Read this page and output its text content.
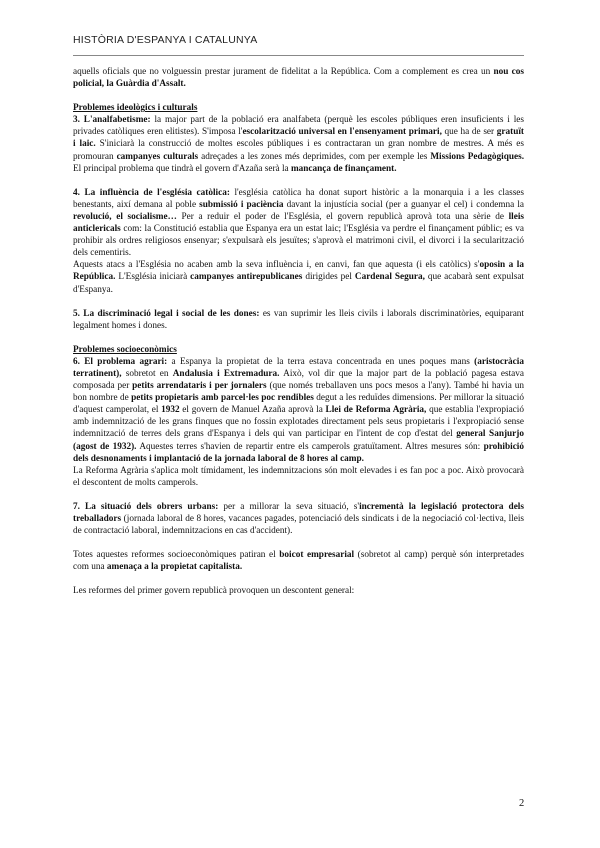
HISTÒRIA D'ESPANYA I CATALUNYA

aquells oficials que no volguessin prestar jurament de fidelitat a la República. Com a complement es crea un nou cos policial, la Guàrdia d'Assalt.

Problemes ideològics i culturals

3. L'analfabetisme: la major part de la població era analfabeta (perquè les escoles públiques eren insuficients i les privades catòliques eren elitistes). S'imposa l'escolarització universal en l'ensenyament primari, que ha de ser gratuït i laic. S'iniciarà la construcció de moltes escoles públiques i es contractaran un gran nombre de mestres. A més es promouran campanyes culturals adreçades a les zones més deprimides, com per exemple les Missions Pedagògiques. El principal problema que tindrà el govern d'Azaña serà la mancança de finançament.

4. La influència de l'església catòlica: l'església catòlica ha donat suport històric a la monarquia i a les classes benestants, així demana al poble submissió i paciència davant la injustícia social (per a guanyar el cel) i condemna la revolució, el socialisme… Per a reduir el poder de l'Església, el govern republicà aprovà tota una sèrie de lleis anticlericals com: la Constitució establia que Espanya era un estat laic; l'Església va perdre el finançament públic; es va prohibir als ordres religiosos ensenyar; s'expulsarà els jesuïtes; s'aprovà el matrimoni civil, el divorci i la secularització dels cementiris.

Aquests atacs a l'Església no acaben amb la seva influència i, en canvi, fan que aquesta (i els catòlics) s'oposin a la República. L'Església iniciarà campanyes antirepublicanes dirigides pel Cardenal Segura, que acabarà sent expulsat d'Espanya.

5. La discriminació legal i social de les dones: es van suprimir les lleis civils i laborals discriminatòries, equiparant legalment homes i dones.

Problemes socioeconòmics

6. El problema agrari: a Espanya la propietat de la terra estava concentrada en unes poques mans (aristocràcia terratinent), sobretot en Andalusia i Extremadura. Això, vol dir que la major part de la població pagesa estava composada per petits arrendataris i per jornalers (que només treballaven uns pocs mesos a l'any). També hi havia un bon nombre de petits propietaris amb parcel·les poc rendibles degut a les reduïdes dimensions. Per millorar la situació d'aquest camperolat, el 1932 el govern de Manuel Azaña aprovà la Llei de Reforma Agrària, que establia l'expropiació amb indemnització de les grans finques que no fossin explotades directament pels seus propietaris i l'expropiació sense indemnització de terres dels grans d'Espanya i dels qui van participar en l'intent de cop d'estat del general Sanjurjo (agost de 1932). Aquestes terres s'havien de repartir entre els camperols gratuïtament. Altres mesures són: prohibició dels desnonaments i implantació de la jornada laboral de 8 hores al camp.

La Reforma Agrària s'aplica molt tímidament, les indemnitzacions són molt elevades i es fan poc a poc. Això provocarà el descontent de molts camperols.

7. La situació dels obrers urbans: per a millorar la seva situació, s'incrementà la legislació protectora dels treballadors (jornada laboral de 8 hores, vacances pagades, potenciació dels sindicats i de la negociació col·lectiva, lleis de contractació laboral, indemnitzacions en cas d'accident).

Totes aquestes reformes socioeconòmiques patiran el boicot empresarial (sobretot al camp) perquè són interpretades com una amenaça a la propietat capitalista.

Les reformes del primer govern republicà provoquen un descontent general:

2
